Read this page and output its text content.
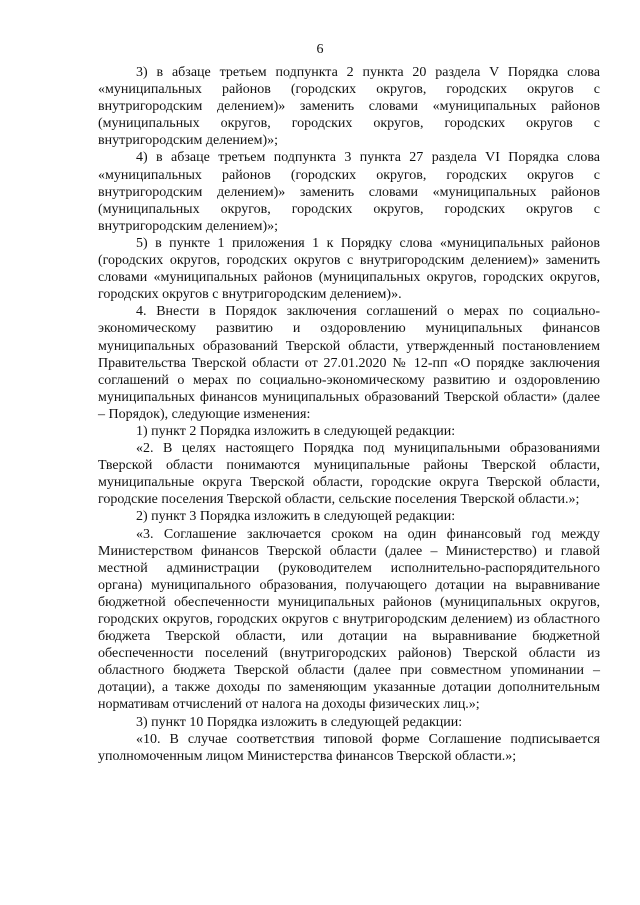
6

3) в абзаце третьем подпункта 2 пункта 20 раздела V Порядка слова «муниципальных районов (городских округов, городских округов с внутригородским делением)» заменить словами «муниципальных районов (муниципальных округов, городских округов, городских округов с внутригородским делением)»;

4) в абзаце третьем подпункта 3 пункта 27 раздела VI Порядка слова «муниципальных районов (городских округов, городских округов с внутригородским делением)» заменить словами «муниципальных районов (муниципальных округов, городских округов, городских округов с внутригородским делением)»;

5) в пункте 1 приложения 1 к Порядку слова «муниципальных районов (городских округов, городских округов с внутригородским делением)» заменить словами «муниципальных районов (муниципальных округов, городских округов, городских округов с внутригородским делением)».

4. Внести в Порядок заключения соглашений о мерах по социально-экономическому развитию и оздоровлению муниципальных финансов муниципальных образований Тверской области, утвержденный постановлением Правительства Тверской области от 27.01.2020 № 12-пп «О порядке заключения соглашений о мерах по социально-экономическому развитию и оздоровлению муниципальных финансов муниципальных образований Тверской области» (далее – Порядок), следующие изменения:

1) пункт 2 Порядка изложить в следующей редакции:

«2. В целях настоящего Порядка под муниципальными образованиями Тверской области понимаются муниципальные районы Тверской области, муниципальные округа Тверской области, городские округа Тверской области, городские поселения Тверской области, сельские поселения Тверской области.»;

2) пункт 3 Порядка изложить в следующей редакции:

«3. Соглашение заключается сроком на один финансовый год между Министерством финансов Тверской области (далее – Министерство) и главой местной администрации (руководителем исполнительно-распорядительного органа) муниципального образования, получающего дотации на выравнивание бюджетной обеспеченности муниципальных районов (муниципальных округов, городских округов, городских округов с внутригородским делением) из областного бюджета Тверской области, или дотации на выравнивание бюджетной обеспеченности поселений (внутригородских районов) Тверской области из областного бюджета Тверской области (далее при совместном упоминании – дотации), а также доходы по заменяющим указанные дотации дополнительным нормативам отчислений от налога на доходы физических лиц.»;

3) пункт 10 Порядка изложить в следующей редакции:

«10. В случае соответствия типовой форме Соглашение подписывается уполномоченным лицом Министерства финансов Тверской области.»;
